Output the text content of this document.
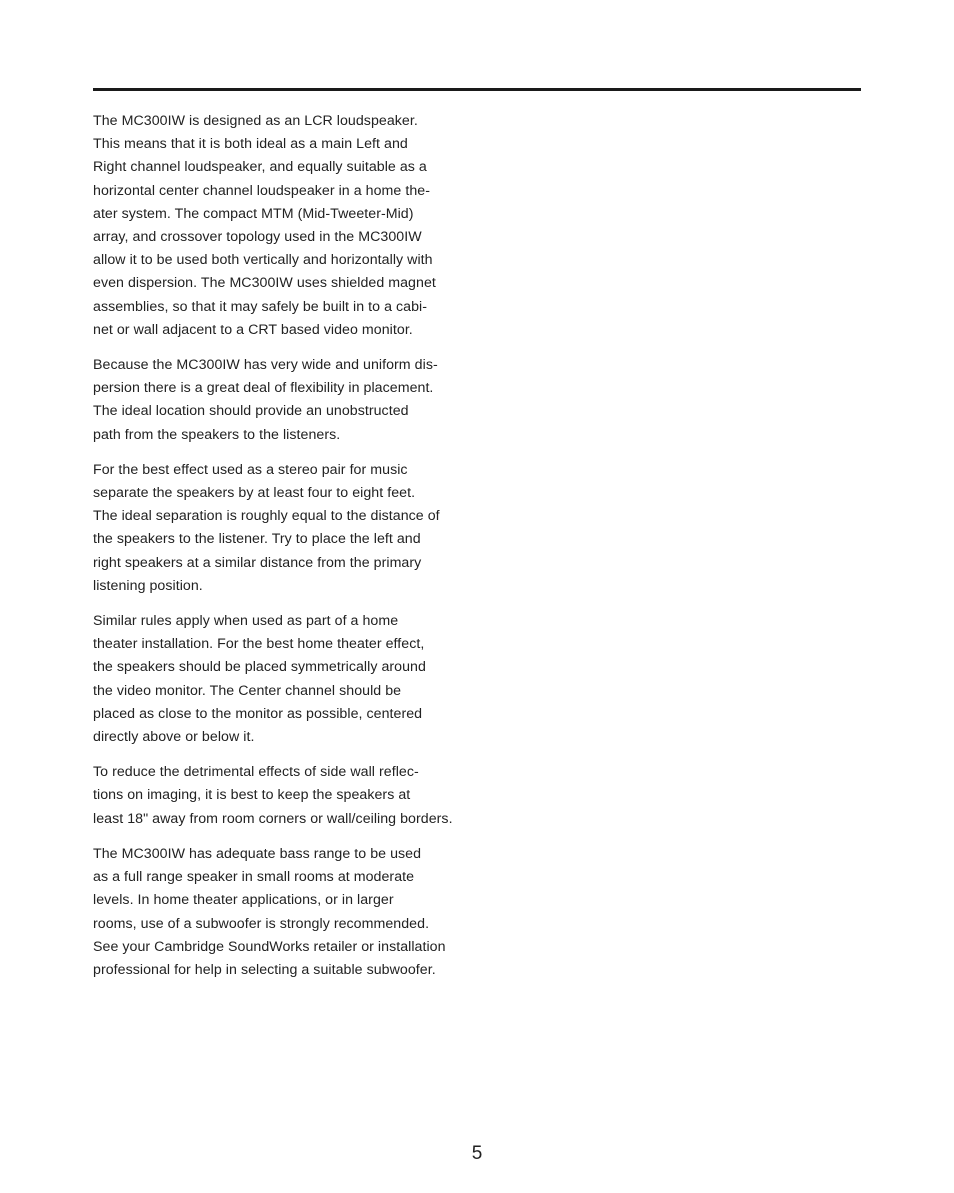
The MC300IW is designed as an LCR loudspeaker.
This means that it is both ideal as a main Left and
Right channel loudspeaker, and equally suitable as a
horizontal center channel loudspeaker in a home the-
ater system. The compact MTM (Mid-Tweeter-Mid)
array, and crossover topology used in the MC300IW
allow it to be used both vertically and horizontally with
even dispersion. The MC300IW uses shielded magnet
assemblies, so that it may safely be built in to a cabi-
net or wall adjacent to a CRT based video monitor.

Because the MC300IW has very wide and uniform dis-
persion there is a great deal of flexibility in placement.
The ideal location should provide an unobstructed
path from the speakers to the listeners.

For the best effect used as a stereo pair for music
separate the speakers by at least four to eight feet.
The ideal separation is roughly equal to the distance of
the speakers to the listener. Try to place the left and
right speakers at a similar distance from the primary
listening position.

Similar rules apply when used as part of a home
theater installation. For the best home theater effect,
the speakers should be placed symmetrically around
the video monitor. The Center channel should be
placed as close to the monitor as possible, centered
directly above or below it.

To reduce the detrimental effects of side wall reflec-
tions on imaging, it is best to keep the speakers at
least 18" away from room corners or wall/ceiling borders.

The MC300IW has adequate bass range to be used
as a full range speaker in small rooms at moderate
levels. In home theater applications, or in larger
rooms, use of a subwoofer is strongly recommended.
See your Cambridge SoundWorks retailer or installation
professional for help in selecting a suitable subwoofer.

5
